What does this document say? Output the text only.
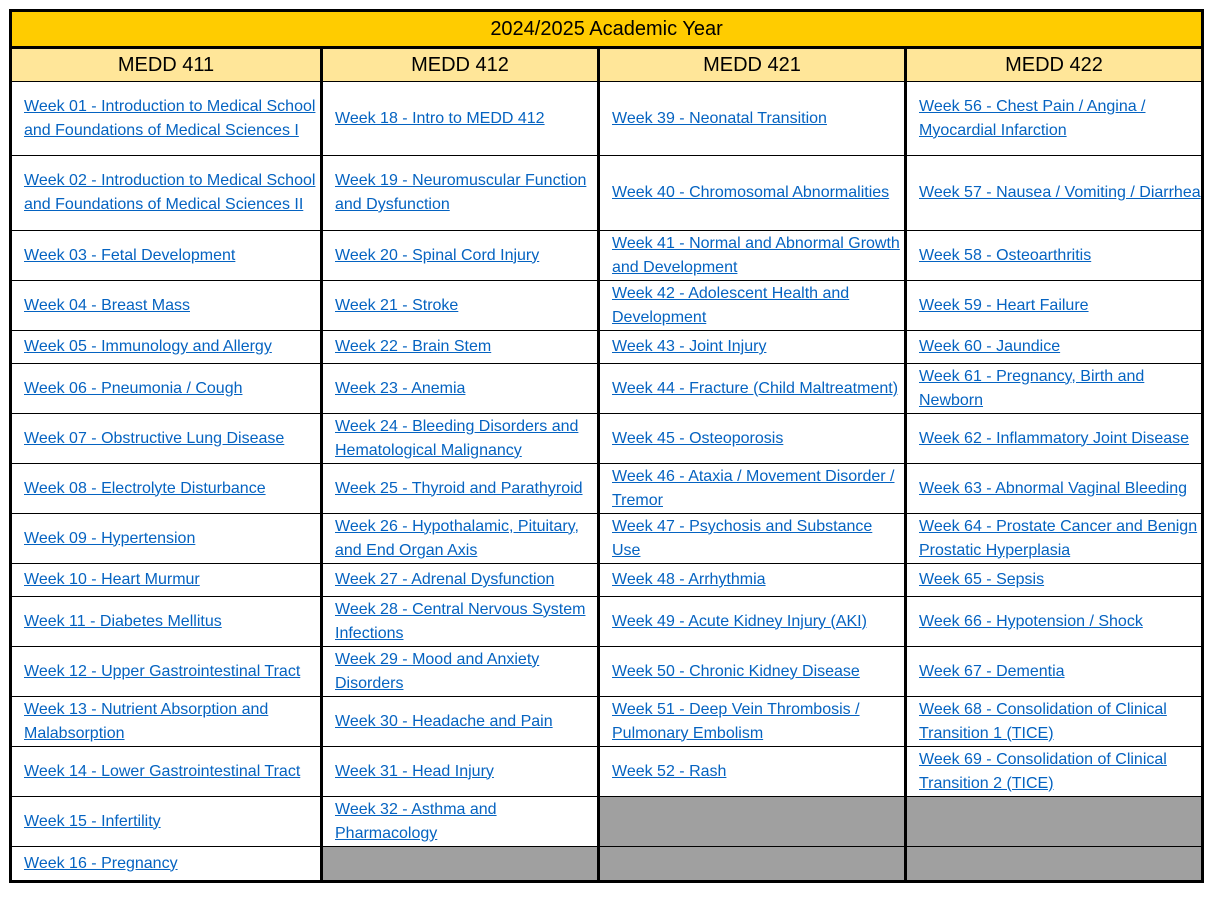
2024/2025 Academic Year			
MEDD 411	MEDD 412	MEDD 421	MEDD 422
Week 01 - Introduction to Medical School and Foundations of Medical Sciences I	Week 18 - Intro to MEDD 412	Week 39 - Neonatal Transition	Week 56 - Chest Pain / Angina / Myocardial Infarction
Week 02 - Introduction to Medical School and Foundations of Medical Sciences II	Week 19 - Neuromuscular Function and Dysfunction	Week 40 - Chromosomal Abnormalities	Week 57 - Nausea / Vomiting / Diarrhea
Week 03 - Fetal Development	Week 20 - Spinal Cord Injury	Week 41 - Normal and Abnormal Growth and Development	Week 58 - Osteoarthritis
Week 04 - Breast Mass	Week 21 - Stroke	Week 42 - Adolescent Health and Development	Week 59 - Heart Failure
Week 05 - Immunology and Allergy	Week 22 - Brain Stem	Week 43 - Joint Injury	Week 60 - Jaundice
Week 06 - Pneumonia / Cough	Week 23 - Anemia	Week 44 - Fracture (Child Maltreatment)	Week 61 - Pregnancy, Birth and Newborn
Week 07 - Obstructive Lung Disease	Week 24 - Bleeding Disorders and Hematological Malignancy	Week 45 - Osteoporosis	Week 62 - Inflammatory Joint Disease
Week 08 - Electrolyte Disturbance	Week 25 - Thyroid and Parathyroid	Week 46 - Ataxia / Movement Disorder / Tremor	Week 63 - Abnormal Vaginal Bleeding
Week 09 - Hypertension	Week 26 - Hypothalamic, Pituitary, and End Organ Axis	Week 47 - Psychosis and Substance Use	Week 64 - Prostate Cancer and Benign Prostatic Hyperplasia
Week 10 - Heart Murmur	Week 27 - Adrenal Dysfunction	Week 48 - Arrhythmia	Week 65 - Sepsis
Week 11 - Diabetes Mellitus	Week 28 - Central Nervous System Infections	Week 49 - Acute Kidney Injury (AKI)	Week 66 - Hypotension / Shock
Week 12 - Upper Gastrointestinal Tract	Week 29 - Mood and Anxiety Disorders	Week 50 - Chronic Kidney Disease	Week 67 - Dementia
Week 13 - Nutrient Absorption and Malabsorption	Week 30 - Headache and Pain	Week 51 - Deep Vein Thrombosis / Pulmonary Embolism	Week 68 - Consolidation of Clinical Transition 1 (TICE)
Week 14 - Lower Gastrointestinal Tract	Week 31 - Head Injury	Week 52 - Rash	Week 69 - Consolidation of Clinical Transition 2 (TICE)
Week 15 - Infertility	Week 32 - Asthma and Pharmacology		
Week 16 - Pregnancy			
